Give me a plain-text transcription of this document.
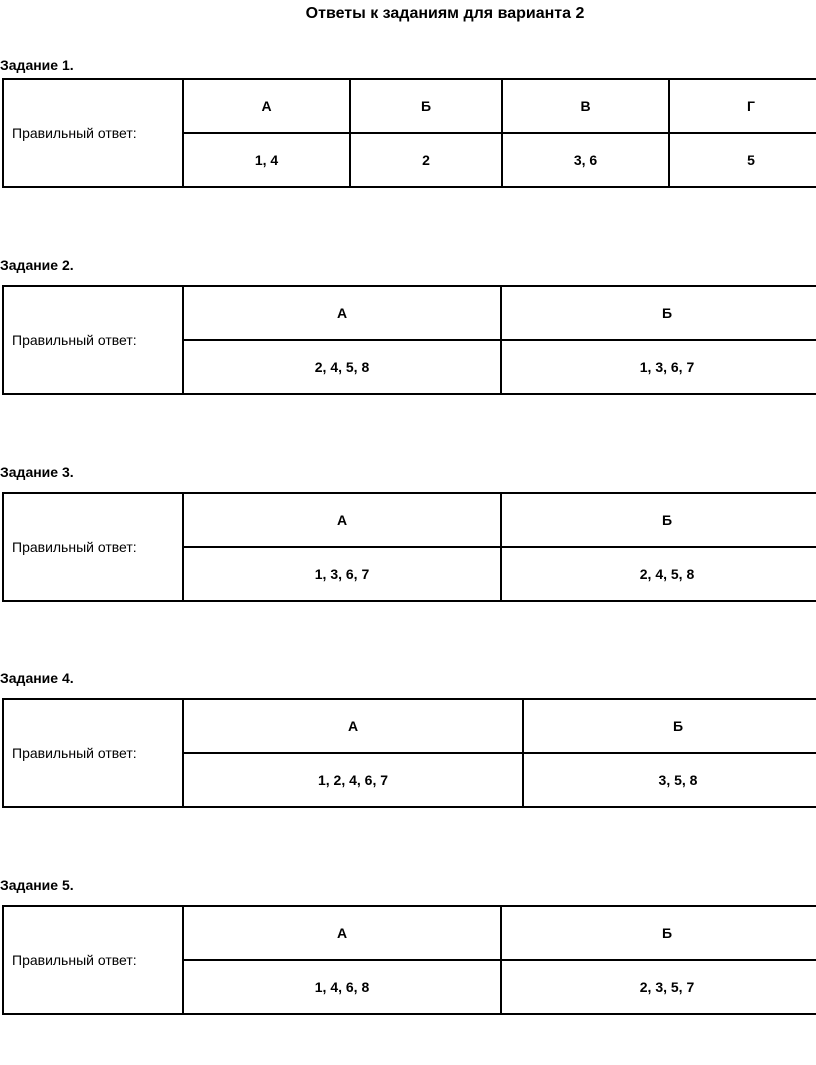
Ответы к заданиям для варианта 2
Задание 1.
Правильный ответ:	А	Б	В	Г
	1, 4	2	3, 6	5
Задание 2.
Правильный ответ:	А	Б
	2, 4, 5, 8	1, 3, 6, 7
Задание 3.
Правильный ответ:	А	Б
	1, 3, 6, 7	2, 4, 5, 8
Задание 4.
Правильный ответ:	А	Б
	1, 2, 4, 6, 7	3, 5, 8
Задание 5.
Правильный ответ:	А	Б
	1, 4, 6, 8	2, 3, 5, 7
